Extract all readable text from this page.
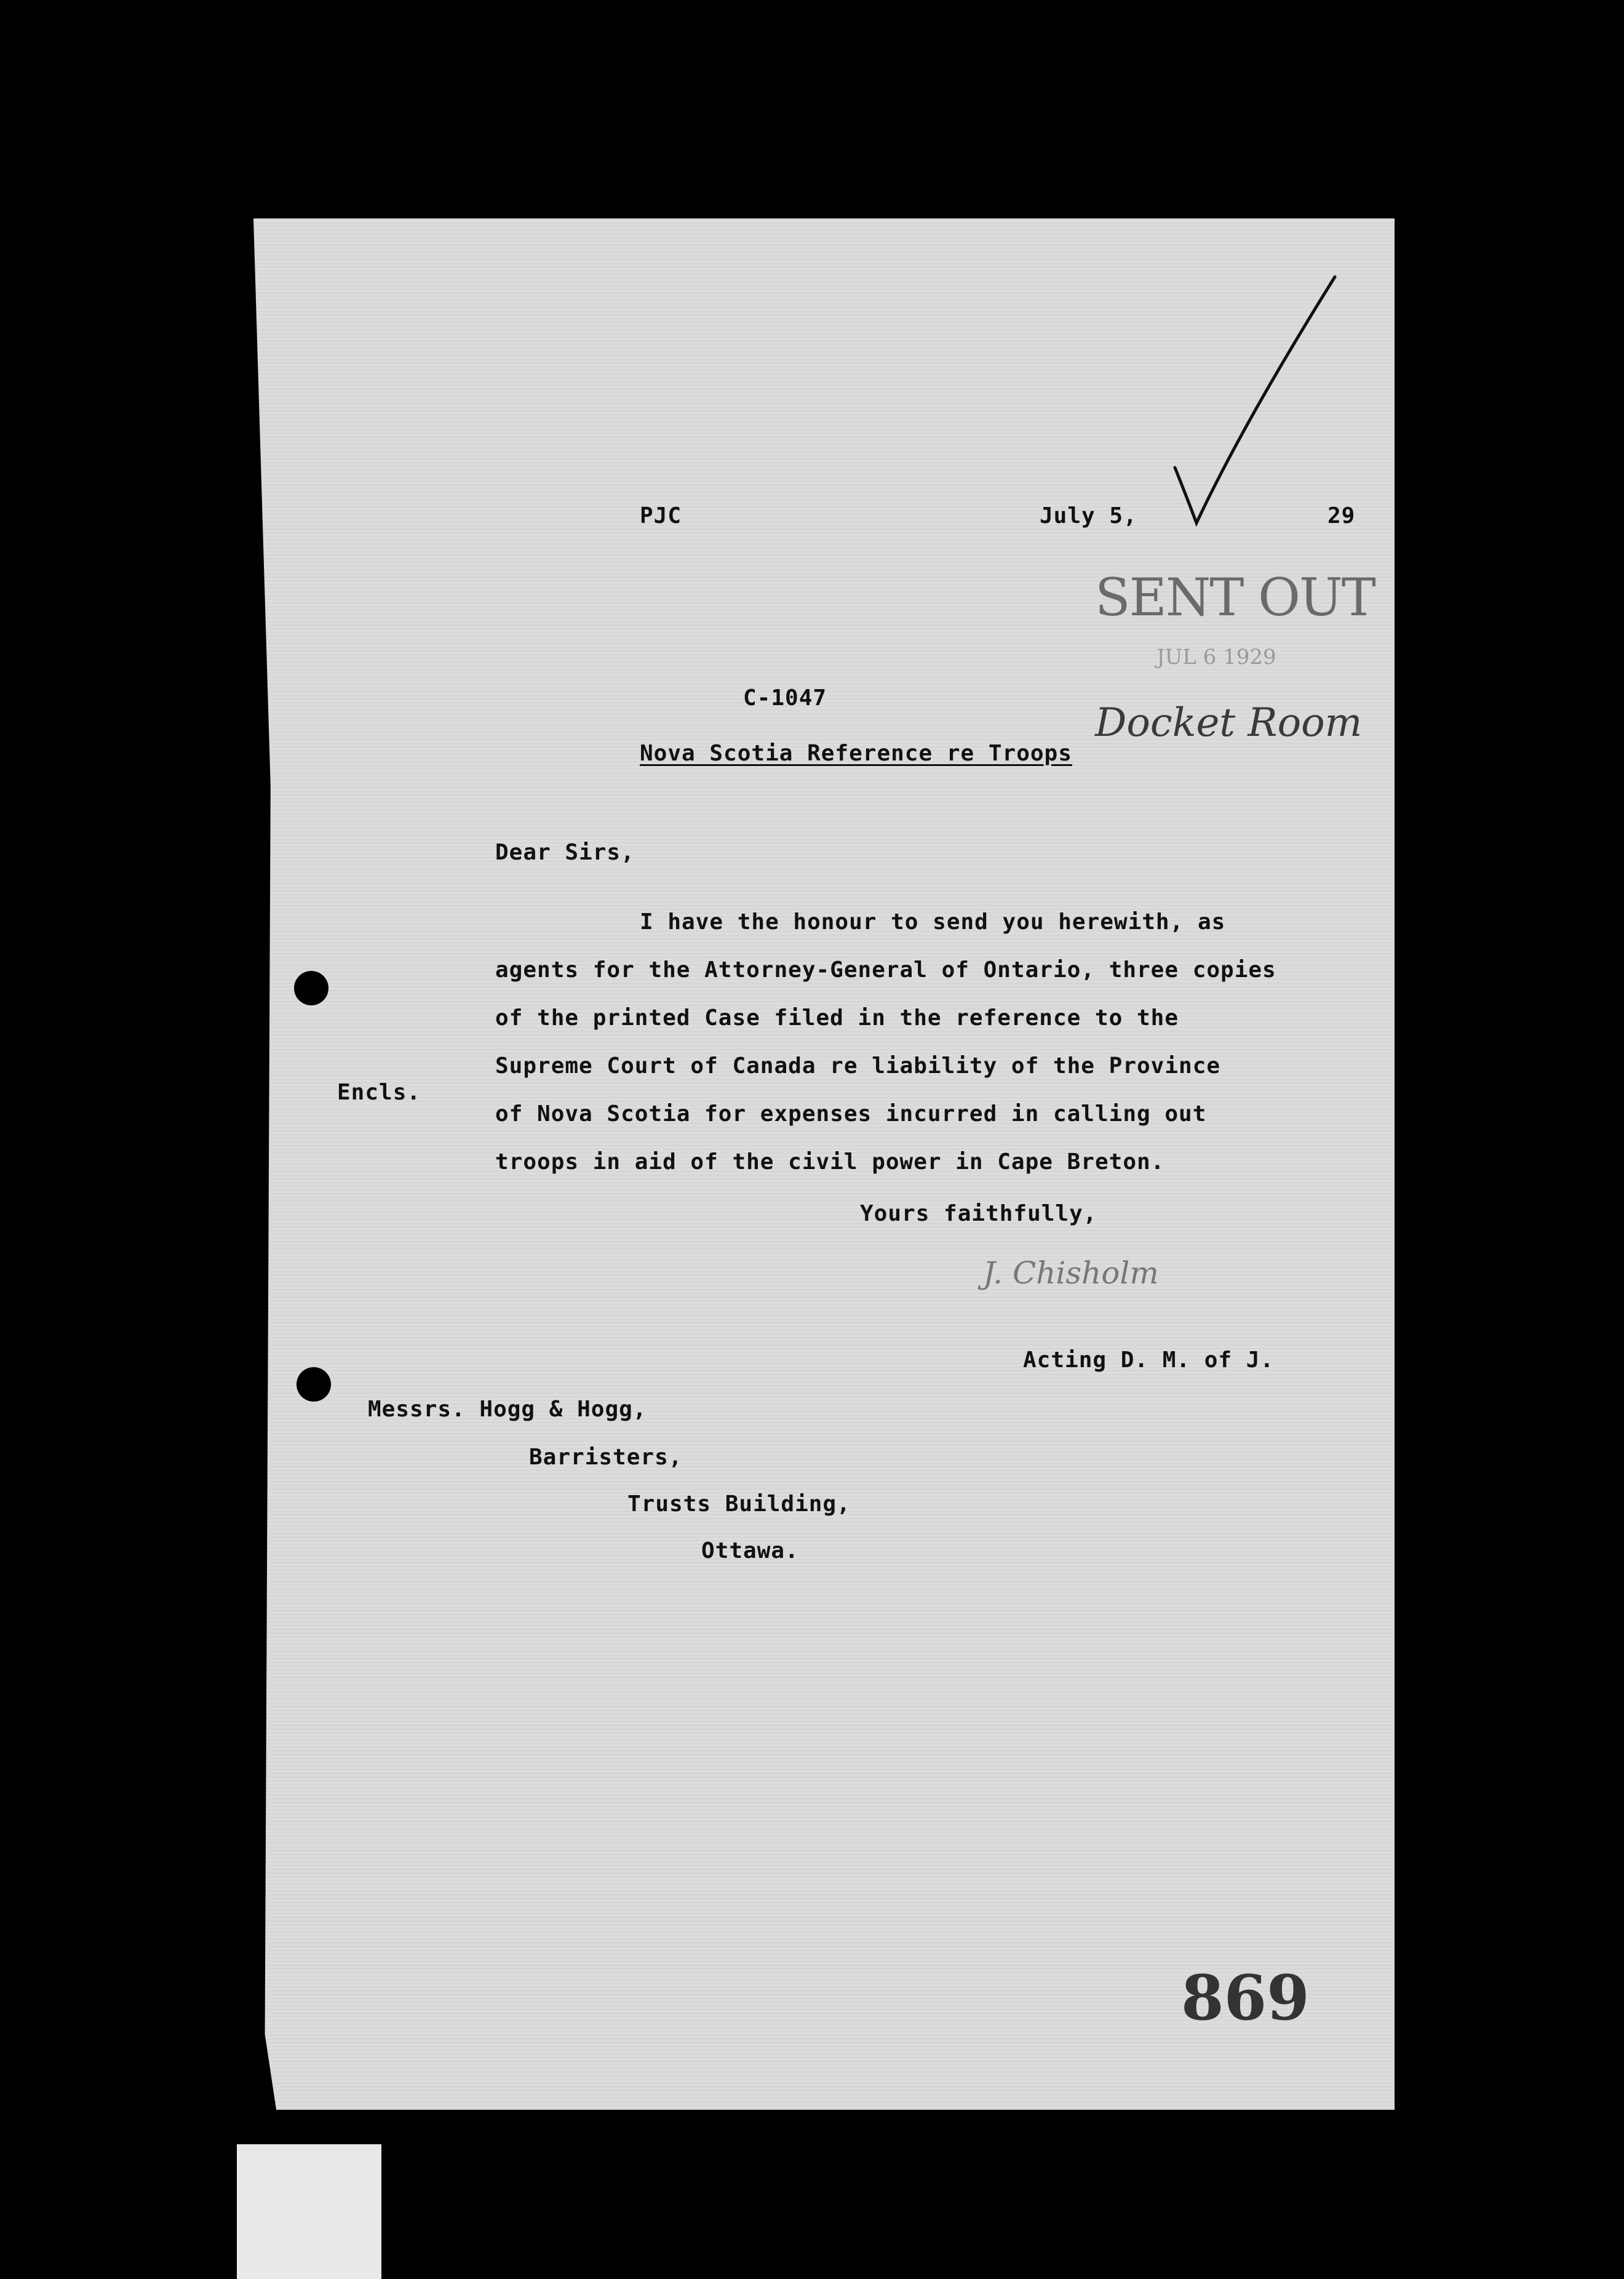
PJC	July 5,	29
SENT OUT
JUL 6 1929
Docket Room
C-1047
Nova Scotia Reference re Troops
Dear Sirs,
I have the honour to send you herewith, as
agents for the Attorney-General of Ontario, three copies
of the printed Case filed in the reference to the
Supreme Court of Canada re liability of the Province
of Nova Scotia for expenses incurred in calling out
troops in aid of the civil power in Cape Breton.
Encls.
Yours faithfully,
J. Chisholm
Acting D. M. of J.
Messrs. Hogg & Hogg,
Barristers,
Trusts Building,
Ottawa.
869
